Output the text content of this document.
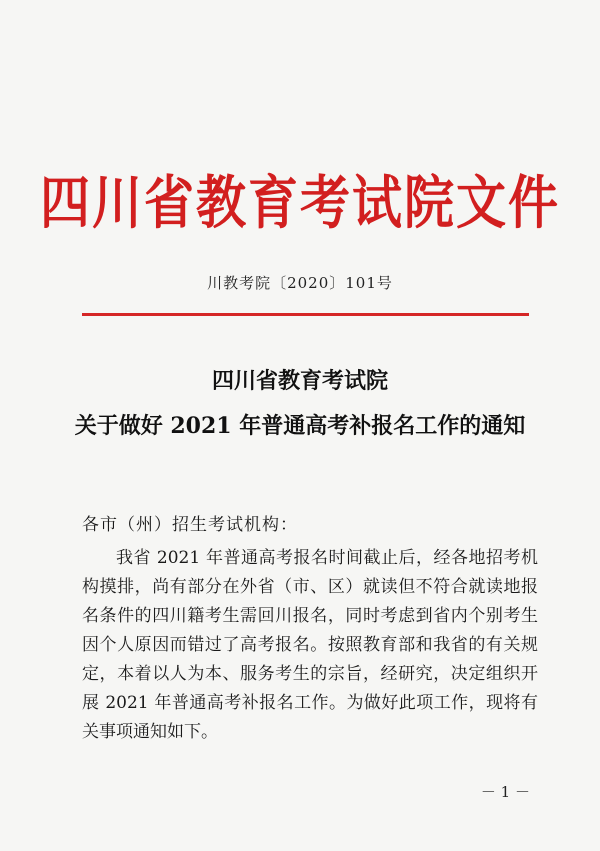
四川省教育考试院文件
川教考院〔2020〕101号
四川省教育考试院
关于做好 2021 年普通高考补报名工作的通知
各市（州）招生考试机构：
我省 2021 年普通高考报名时间截止后，经各地招考机构摸排，尚有部分在外省（市、区）就读但不符合就读地报名条件的四川籍考生需回川报名，同时考虑到省内个别考生因个人原因而错过了高考报名。按照教育部和我省的有关规定，本着以人为本、服务考生的宗旨，经研究，决定组织开展 2021 年普通高考补报名工作。为做好此项工作，现将有关事项通知如下。
－ 1 －
